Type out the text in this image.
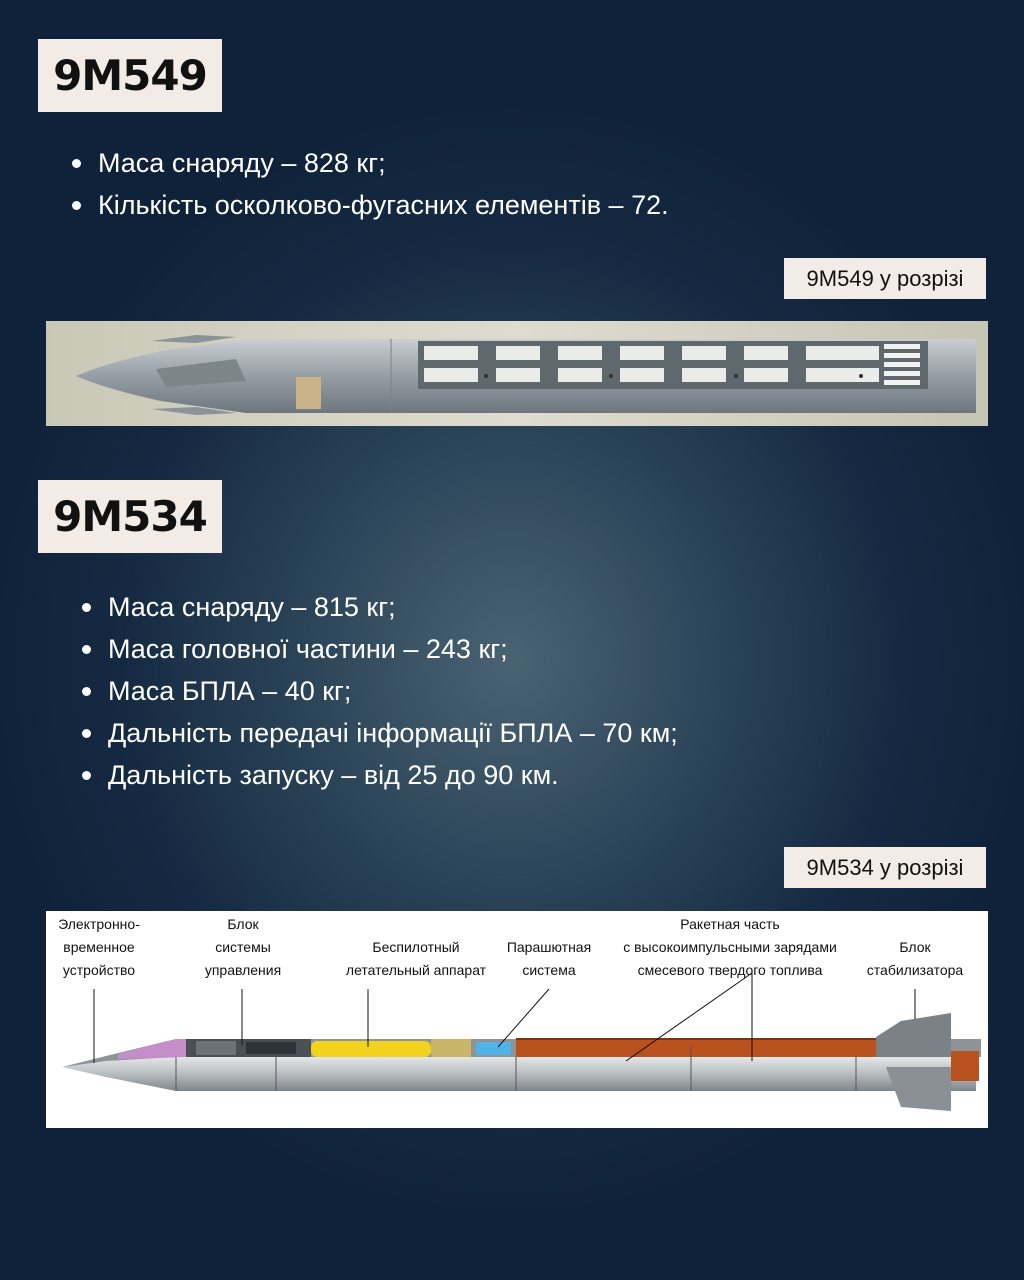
9M549
Маса снаряду – 828 кг;
Кількість осколково-фугасних елементів – 72.
9M549 у розрізі
9M534
Маса снаряду – 815 кг;
Маса головної частини – 243 кг;
Маса БПЛА – 40 кг;
Дальність передачі інформації БПЛА – 70 км;
Дальність запуску – від 25 до 90 км.
9M534 у розрізі
Электронно-
временное
устройство
Блок
системы
управления
Беспилотный
летательный аппарат
Парашютная
система
Ракетная часть
с высокоимпульсными зарядами
смесевого твердого топлива
Блок
стабилизатора
